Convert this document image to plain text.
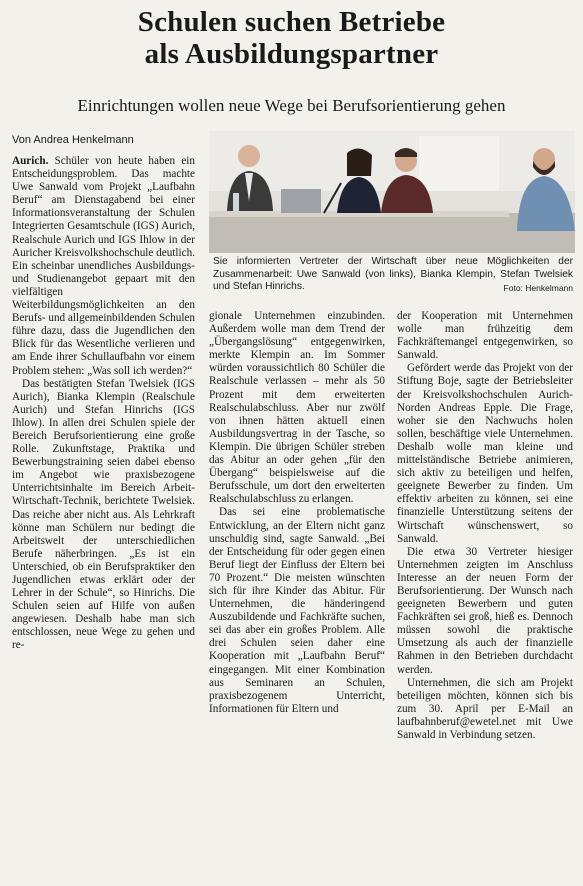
Schulen suchen Betriebe
als Ausbildungspartner
Einrichtungen wollen neue Wege bei Berufsorientierung gehen
Von Andrea Henkelmann
Sie informierten Vertreter der Wirtschaft über neue Möglichkeiten der Zusammenarbeit: Uwe Sanwald (von links), Bianka Klempin, Stefan Twelsiek und Stefan Hinrichs.	Foto: Henkelmann

Aurich. Schüler von heute haben ein Entscheidungsproblem. Das machte Uwe Sanwald vom Projekt „Laufbahn Beruf“ am Dienstagabend bei einer Informationsveranstaltung der Schulen Integrierten Gesamtschule (IGS) Aurich, Realschule Aurich und IGS Ihlow in der Auricher Kreisvolkshochschule deutlich. Ein scheinbar unendliches Ausbildungs- und Studienangebot gepaart mit den vielfältigen Weiterbildungsmöglichkeiten an den Berufs- und allgemeinbildenden Schulen führe dazu, dass die Jugendlichen den Blick für das Wesentliche verlieren und am Ende ihrer Schullaufbahn vor einem Problem stehen: „Was soll ich werden?“

Das bestätigten Stefan Twelsiek (IGS Aurich), Bianka Klempin (Realschule Aurich) und Stefan Hinrichs (IGS Ihlow). In allen drei Schulen spiele der Bereich Berufsorientierung eine große Rolle. Zukunftstage, Praktika und Bewerbungstraining seien dabei ebenso im Angebot wie praxisbezogene Unterrichtsinhalte im Bereich Arbeit-Wirtschaft-Technik, berichtete Twelsiek. Das reiche aber nicht aus. Als Lehrkraft könne man Schülern nur bedingt die Arbeitswelt der unterschiedlichen Berufe näherbringen. „Es ist ein Unterschied, ob ein Berufspraktiker den Jugendlichen etwas erklärt oder der Lehrer in der Schule“, so Hinrichs. Die Schulen seien auf Hilfe von außen angewiesen. Deshalb habe man sich entschlossen, neue Wege zu gehen und re-

gionale Unternehmen einzubinden. Außerdem wolle man dem Trend der „Übergangslösung“ entgegenwirken, merkte Klempin an. Im Sommer würden voraussichtlich 80 Schüler die Realschule verlassen – mehr als 50 Prozent mit dem erweiterten Realschulabschluss. Aber nur zwölf von ihnen hätten aktuell einen Ausbildungsvertrag in der Tasche, so Klempin. Die übrigen Schüler streben das Abitur an oder gehen „für den Übergang“ beispielsweise auf die Berufsschule, um dort den erweiterten Realschulabschluss zu erlangen.

Das sei eine problematische Entwicklung, an der Eltern nicht ganz unschuldig sind, sagte Sanwald. „Bei der Entscheidung für oder gegen einen Beruf liegt der Einfluss der Eltern bei 70 Prozent.“ Die meisten wünschten sich für ihre Kinder das Abitur. Für Unternehmen, die händeringend Auszubildende und Fachkräfte suchen, sei das aber ein großes Problem. Alle drei Schulen seien daher eine Kooperation mit „Laufbahn Beruf“ eingegangen. Mit einer Kombination aus Seminaren an Schulen, praxisbezogenem Unterricht, Informationen für Eltern und

der Kooperation mit Unternehmen wolle man frühzeitig dem Fachkräftemangel entgegenwirken, so Sanwald.

Gefördert werde das Projekt von der Stiftung Boje, sagte der Betriebsleiter der Kreisvolkshochschulen Aurich-Norden Andreas Epple. Die Frage, woher sie den Nachwuchs holen sollen, beschäftige viele Unternehmen. Deshalb wolle man kleine und mittelständische Betriebe animieren, sich aktiv zu beteiligen und helfen, geeignete Bewerber zu finden. Um effektiv arbeiten zu können, sei eine finanzielle Unterstützung seitens der Wirtschaft wünschenswert, so Sanwald.

Die etwa 30 Vertreter hiesiger Unternehmen zeigten im Anschluss Interesse an der neuen Form der Berufsorientierung. Der Wunsch nach geeigneten Bewerbern und guten Fachkräften sei groß, hieß es. Dennoch müssen sowohl die praktische Umsetzung als auch der finanzielle Rahmen in den Betrieben durchdacht werden.

Unternehmen, die sich am Projekt beteiligen möchten, können sich bis zum 30. April per E-Mail an laufbahnberuf@ewetel.net mit Uwe Sanwald in Verbindung setzen.
